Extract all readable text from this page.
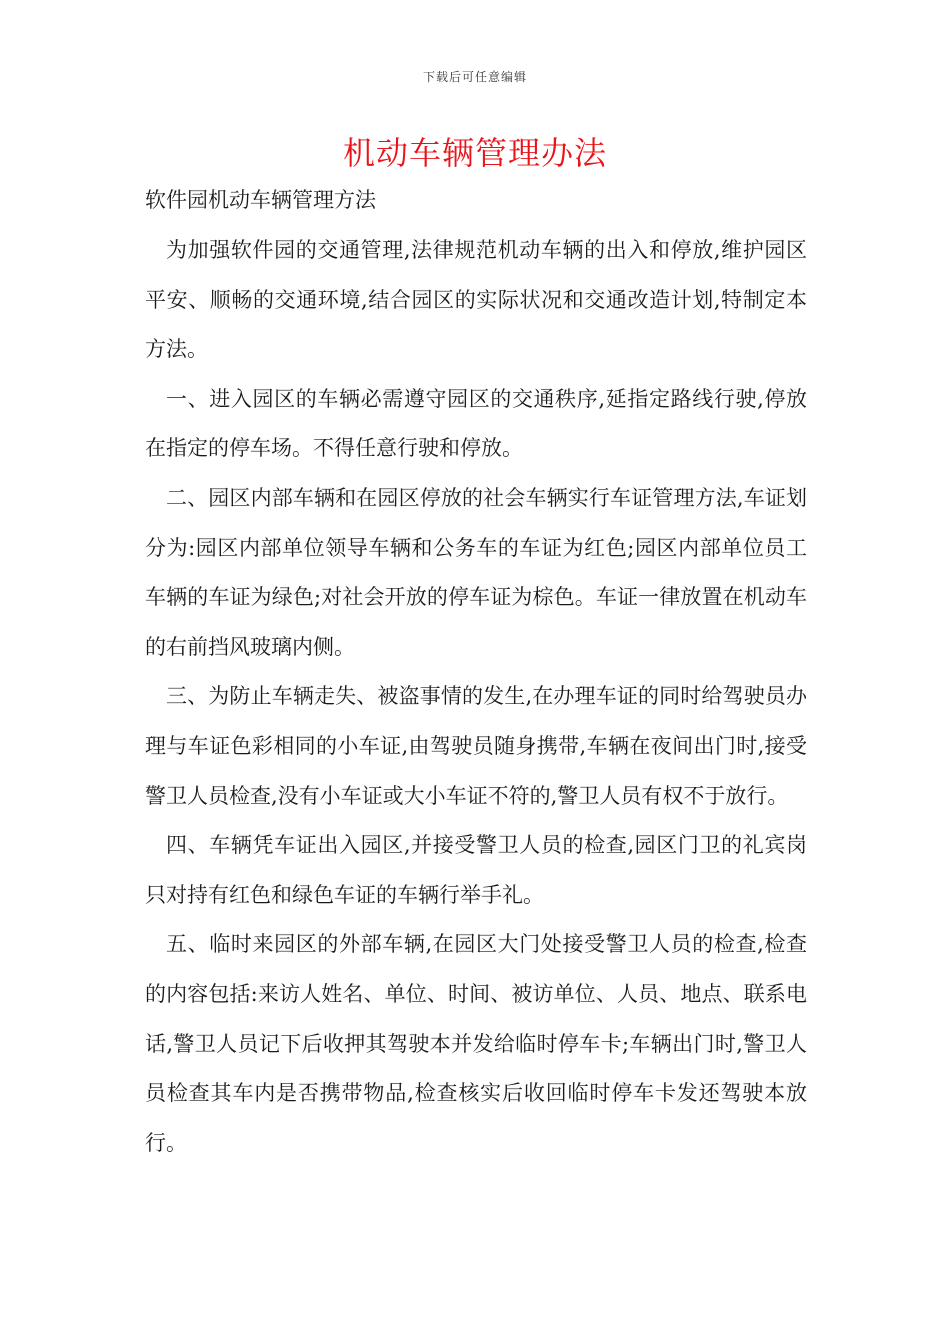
下载后可任意编辑
机动车辆管理办法

软件园机动车辆管理方法

为加强软件园的交通管理,法律规范机动车辆的出入和停放,维护园区平安、顺畅的交通环境,结合园区的实际状况和交通改造计划,特制定本方法。

一、进入园区的车辆必需遵守园区的交通秩序,延指定路线行驶,停放在指定的停车场。不得任意行驶和停放。

二、园区内部车辆和在园区停放的社会车辆实行车证管理方法,车证划分为:园区内部单位领导车辆和公务车的车证为红色;园区内部单位员工车辆的车证为绿色;对社会开放的停车证为棕色。车证一律放置在机动车的右前挡风玻璃内侧。

三、为防止车辆走失、被盗事情的发生,在办理车证的同时给驾驶员办理与车证色彩相同的小车证,由驾驶员随身携带,车辆在夜间出门时,接受警卫人员检查,没有小车证或大小车证不符的,警卫人员有权不于放行。

四、车辆凭车证出入园区,并接受警卫人员的检查,园区门卫的礼宾岗只对持有红色和绿色车证的车辆行举手礼。

五、临时来园区的外部车辆,在园区大门处接受警卫人员的检查,检查的内容包括:来访人姓名、单位、时间、被访单位、人员、地点、联系电话,警卫人员记下后收押其驾驶本并发给临时停车卡;车辆出门时,警卫人员检查其车内是否携带物品,检查核实后收回临时停车卡发还驾驶本放行。
